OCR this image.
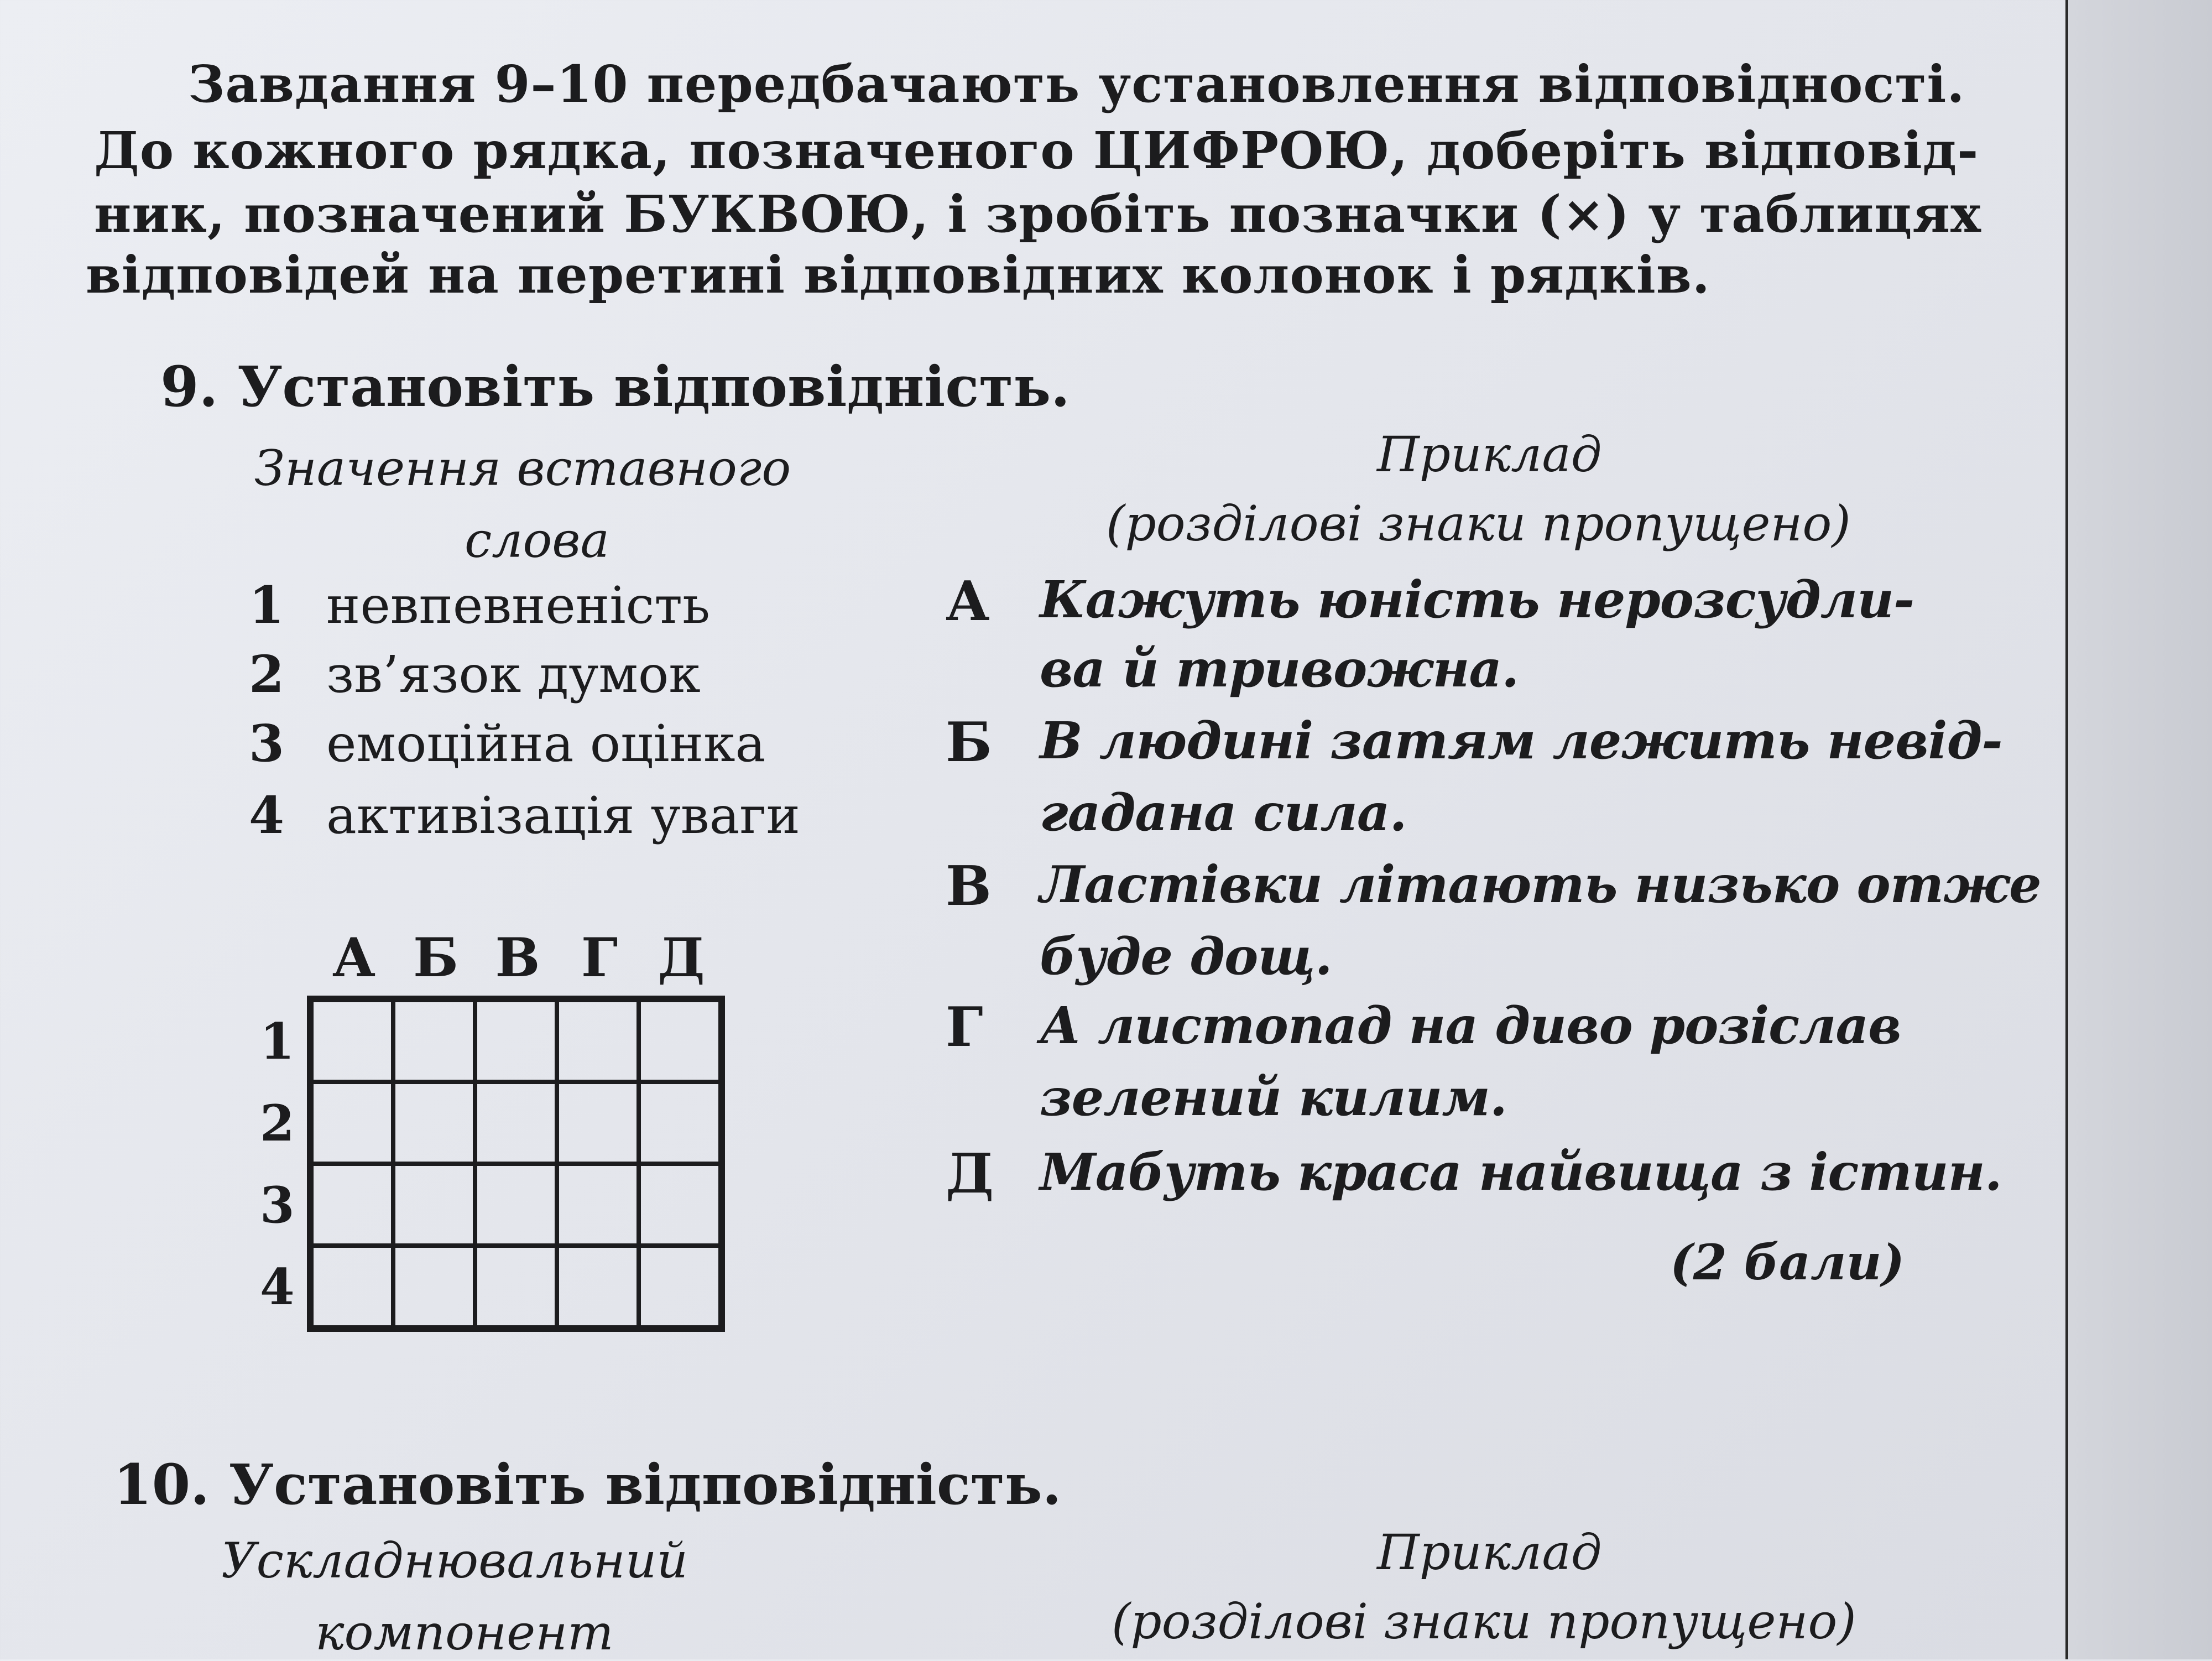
Завдання 9–10 передбачають установлення відповідності.
До кожного рядка, позначеного ЦИФРОЮ, доберіть відповід-
ник, позначений БУКВОЮ, і зробіть позначки (×) у таблицях
відповідей на перетині відповідних колонок і рядків.
9. Установіть відповідність.
Значення вставного
слова
Приклад
(розділові знаки пропущено)
1 невпевненість
2 зв’язок думок
3 емоційна оцінка
4 активізація уваги
А Кажуть юність нерозсудли-
ва й тривожна.
Б В людині затям лежить невід-
гадана сила.
В Ластівки літають низько отже
буде дощ.
Г А листопад на диво розіслав
зелений килим.
Д Мабуть краса найвища з істин.
(2 бали)
А Б В Г Д
1
2
3
4
10. Установіть відповідність.
Ускладнювальний
компонент
Приклад
(розділові знаки пропущено)
